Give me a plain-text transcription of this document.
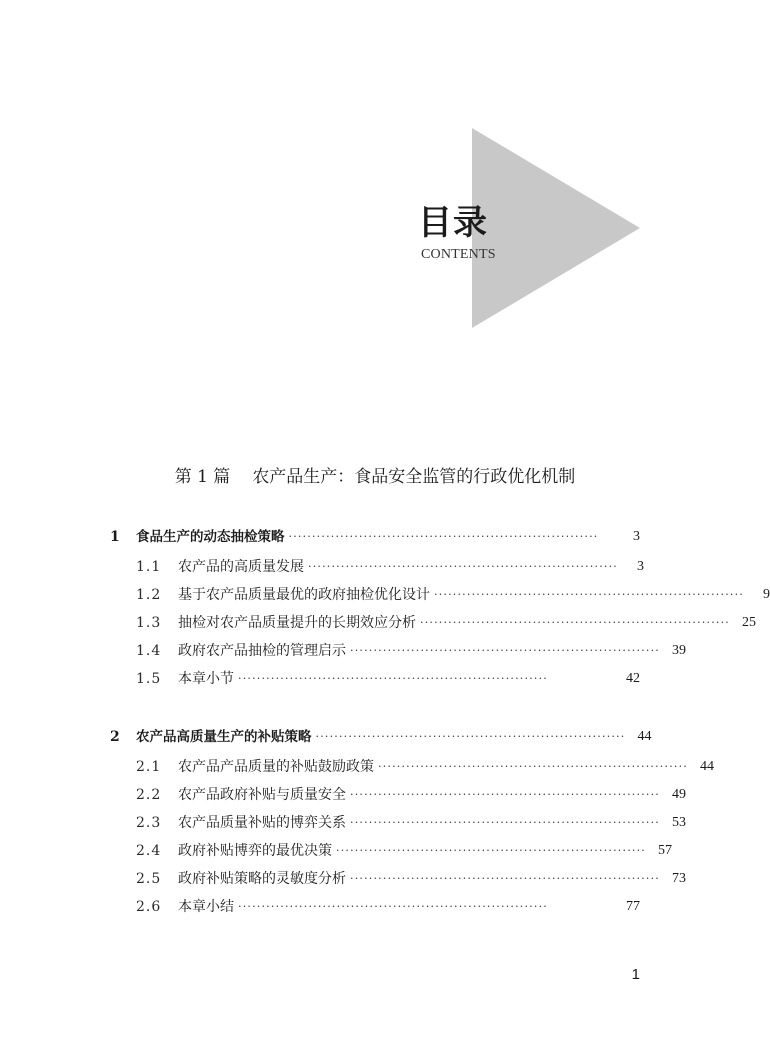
目录
CONTENTS
第 1 篇 农产品生产：食品安全监管的行政优化机制
1	食品生产的动态抽检策略 ··································································	3
1.1	农产品的高质量发展 ··································································	3
1.2	基于农产品质量最优的政府抽检优化设计 ··································································	9
1.3	抽检对农产品质量提升的长期效应分析 ·································································· 25
1.4	政府农产品抽检的管理启示 ·································································· 39
1.5	本章小节 ··································································	42
2	农产品高质量生产的补贴策略 ·································································· 44
2.1	农产品产品质量的补贴鼓励政策 ·································································· 44
2.2	农产品政府补贴与质量安全 ·································································· 49
2.3	农产品质量补贴的博弈关系 ·································································· 53
2.4	政府补贴博弈的最优决策 ·································································· 57
2.5	政府补贴策略的灵敏度分析 ·································································· 73
2.6	本章小结 ··································································	77
1
